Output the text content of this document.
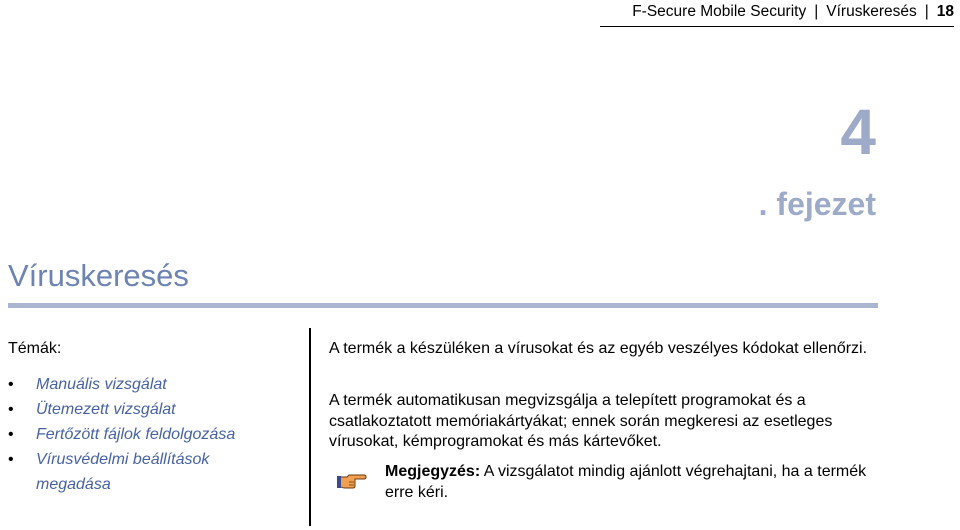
F-Secure Mobile Security | Víruskeresés | 18
4
. fejezet
Víruskeresés
Témák:
• Manuális vizsgálat
• Ütemezett vizsgálat
• Fertőzött fájlok feldolgozása
• Vírusvédelmi beállítások megadása

A termék a készüléken a vírusokat és az egyéb veszélyes kódokat ellenőrzi.

A termék automatikusan megvizsgálja a telepített programokat és a csatlakoztatott memóriakártyákat; ennek során megkeresi az esetleges vírusokat, kémprogramokat és más kártevőket.

Megjegyzés: A vizsgálatot mindig ajánlott végrehajtani, ha a termék erre kéri.
